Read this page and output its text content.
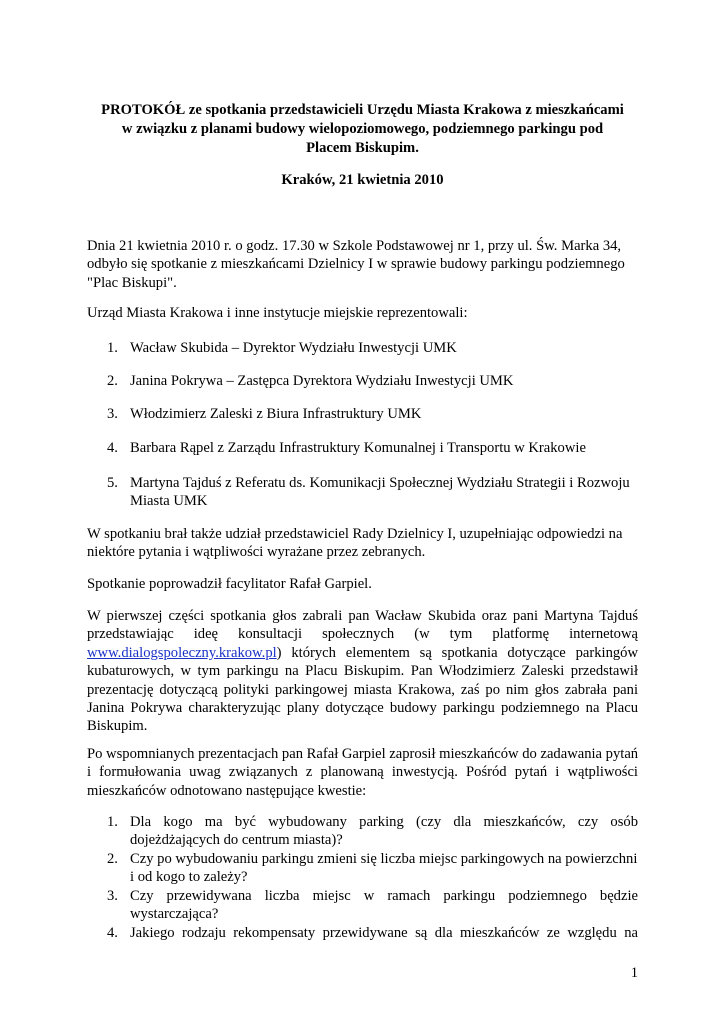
PROTOKÓŁ ze spotkania przedstawicieli Urzędu Miasta Krakowa z mieszkańcami
w związku z planami budowy wielopoziomowego, podziemnego parkingu pod
Placem Biskupim.
Kraków, 21 kwietnia 2010
Dnia 21 kwietnia 2010 r. o godz. 17.30 w Szkole Podstawowej nr 1, przy ul. Św. Marka 34,
odbyło się spotkanie z mieszkańcami Dzielnicy I w sprawie budowy parkingu podziemnego
"Plac Biskupi".
Urząd Miasta Krakowa i inne instytucje miejskie reprezentowali:
1. Wacław Skubida – Dyrektor Wydziału Inwestycji UMK
2. Janina Pokrywa – Zastępca Dyrektora Wydziału Inwestycji UMK
3. Włodzimierz Zaleski z Biura Infrastruktury UMK
4. Barbara Rąpel z Zarządu Infrastruktury Komunalnej i Transportu w Krakowie
5. Martyna Tajduś z Referatu ds. Komunikacji Społecznej Wydziału Strategii i Rozwoju
Miasta UMK
W spotkaniu brał także udział przedstawiciel Rady Dzielnicy I, uzupełniając odpowiedzi na
niektóre pytania i wątpliwości wyrażane przez zebranych.
Spotkanie poprowadził facylitator Rafał Garpiel.
W pierwszej części spotkania głos zabrali pan Wacław Skubida oraz pani Martyna Tajduś
przedstawiając ideę konsultacji społecznych (w tym platformę internetową
www.dialogspoleczny.krakow.pl) których elementem są spotkania dotyczące parkingów
kubaturowych, w tym parkingu na Placu Biskupim. Pan Włodzimierz Zaleski przedstawił
prezentację dotyczącą polityki parkingowej miasta Krakowa, zaś po nim głos zabrała pani
Janina Pokrywa charakteryzując plany dotyczące budowy parkingu podziemnego na Placu
Biskupim.
Po wspomnianych prezentacjach pan Rafał Garpiel zaprosił mieszkańców do zadawania pytań
i formułowania uwag związanych z planowaną inwestycją. Pośród pytań i wątpliwości
mieszkańców odnotowano następujące kwestie:
1. Dla kogo ma być wybudowany parking (czy dla mieszkańców, czy osób
dojeżdżających do centrum miasta)?
2. Czy po wybudowaniu parkingu zmieni się liczba miejsc parkingowych na powierzchni
i od kogo to zależy?
3. Czy przewidywana liczba miejsc w ramach parkingu podziemnego będzie
wystarczająca?
4. Jakiego rodzaju rekompensaty przewidywane są dla mieszkańców ze względu na
1
